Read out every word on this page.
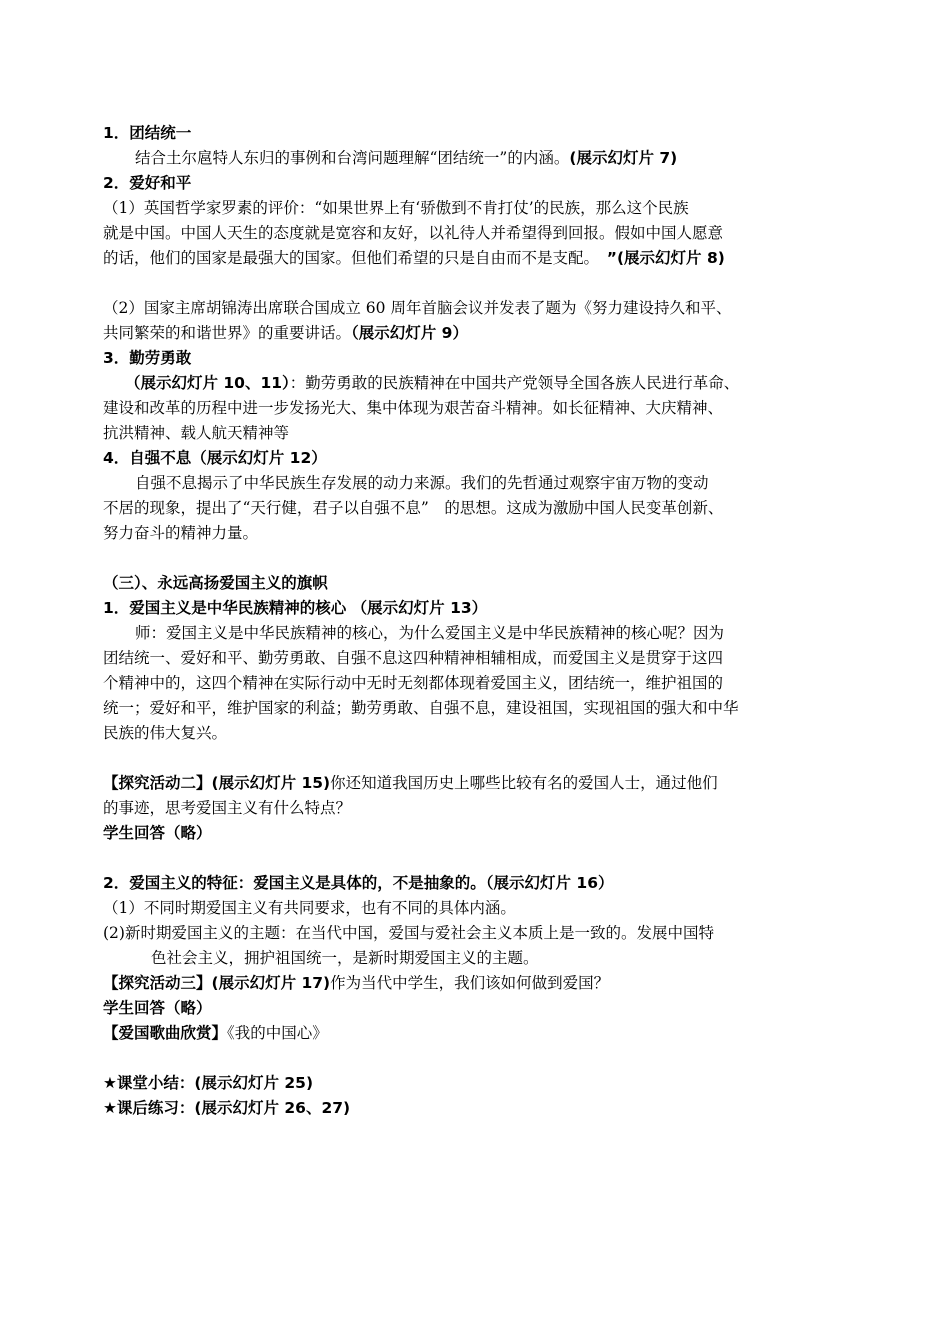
1．团结统一
结合土尔扈特人东归的事例和台湾问题理解“团结统一”的内涵。(展示幻灯片 7)
2．爱好和平
（1）英国哲学家罗素的评价：“如果世界上有‘骄傲到不肯打仗’的民族，那么这个民族
就是中国。中国人天生的态度就是宽容和友好，以礼待人并希望得到回报。假如中国人愿意
的话，他们的国家是最强大的国家。但他们希望的只是自由而不是支配。　 ”(展示幻灯片 8)
（2）国家主席胡锦涛出席联合国成立 60 周年首脑会议并发表了题为《努力建设持久和平、
共同繁荣的和谐世界》的重要讲话。（展示幻灯片 9）
3．勤劳勇敢
（展示幻灯片 10、11）：勤劳勇敢的民族精神在中国共产党领导全国各族人民进行革命、
建设和改革的历程中进一步发扬光大、集中体现为艰苦奋斗精神。如长征精神、大庆精神、
抗洪精神、载人航天精神等
4．自强不息（展示幻灯片 12）
自强不息揭示了中华民族生存发展的动力来源。我们的先哲通过观察宇宙万物的变动
不居的现象，提出了“天行健，君子以自强不息”　的思想。这成为激励中国人民变革创新、
努力奋斗的精神力量。
（三）、永远高扬爱国主义的旗帜
1．爱国主义是中华民族精神的核心 （展示幻灯片 13）
师：爱国主义是中华民族精神的核心，为什么爱国主义是中华民族精神的核心呢？因为
团结统一、爱好和平、勤劳勇敢、自强不息这四种精神相辅相成，而爱国主义是贯穿于这四
个精神中的，这四个精神在实际行动中无时无刻都体现着爱国主义，团结统一，维护祖国的
统一；爱好和平，维护国家的利益；勤劳勇敢、自强不息，建设祖国，实现祖国的强大和中华
民族的伟大复兴。
【探究活动二】(展示幻灯片 15)你还知道我国历史上哪些比较有名的爱国人士，通过他们
的事迹，思考爱国主义有什么特点？
学生回答（略）
2．爱国主义的特征：爱国主义是具体的，不是抽象的。（展示幻灯片 16）
（1）不同时期爱国主义有共同要求，也有不同的具体内涵。
(2)新时期爱国主义的主题：在当代中国，爱国与爱社会主义本质上是一致的。发展中国特
色社会主义，拥护祖国统一，是新时期爱国主义的主题。
【探究活动三】(展示幻灯片 17)作为当代中学生，我们该如何做到爱国？
学生回答（略）
【爱国歌曲欣赏】《我的中国心》
★课堂小结：(展示幻灯片 25)
★课后练习：(展示幻灯片 26、27)
